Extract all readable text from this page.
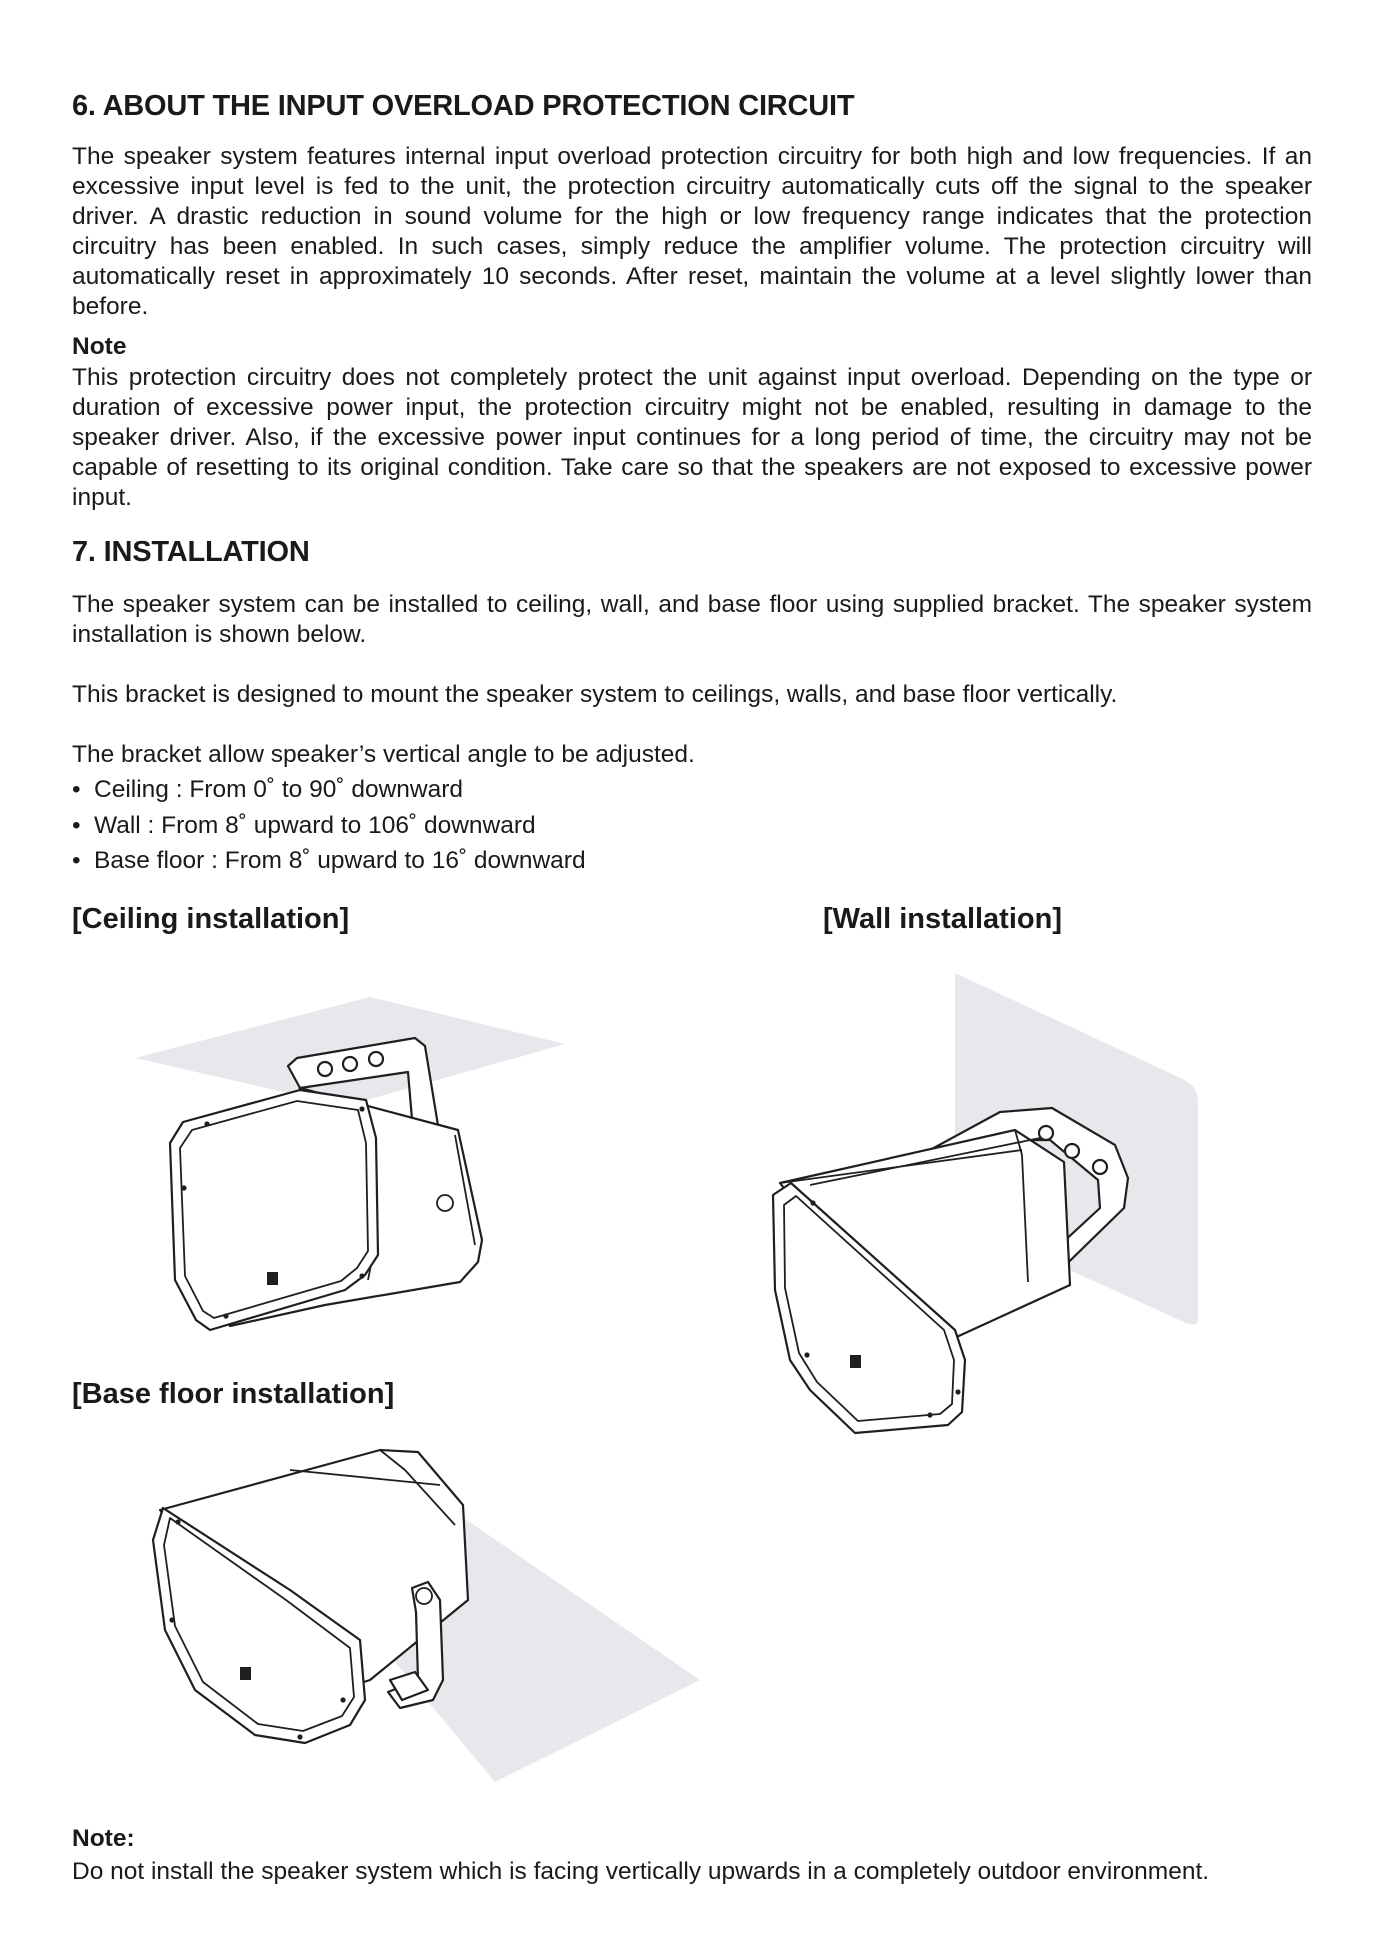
6. ABOUT THE INPUT OVERLOAD PROTECTION CIRCUIT

The speaker system features internal input overload protection circuitry for both high and low frequencies. If an excessive input level is fed to the unit, the protection circuitry automatically cuts off the signal to the speaker driver. A drastic reduction in sound volume for the high or low frequency range indicates that the protection circuitry has been enabled. In such cases, simply reduce the amplifier volume. The protection circuitry will automatically reset in approximately 10 seconds. After reset, maintain the volume at a level slightly lower than before.

Note

This protection circuitry does not completely protect the unit against input overload. Depending on the type or duration of excessive power input, the protection circuitry might not be enabled, resulting in damage to the speaker driver. Also, if the excessive power input continues for a long period of time, the circuitry may not be capable of resetting to its original condition. Take care so that the speakers are not exposed to excessive power input.

7. INSTALLATION

The speaker system can be installed to ceiling, wall, and base floor using supplied bracket. The speaker system installation is shown below.

This bracket is designed to mount the speaker system to ceilings, walls, and base floor vertically.

The bracket allow speaker’s vertical angle to be adjusted.

• Ceiling : From 0˚ to 90˚ downward
• Wall : From 8˚ upward to 106˚ downward
• Base floor : From 8˚ upward to 16˚ downward
[Ceiling installation]	[Wall installation]
[Base floor installation]
Note:

Do not install the speaker system which is facing vertically upwards in a completely outdoor environment.
